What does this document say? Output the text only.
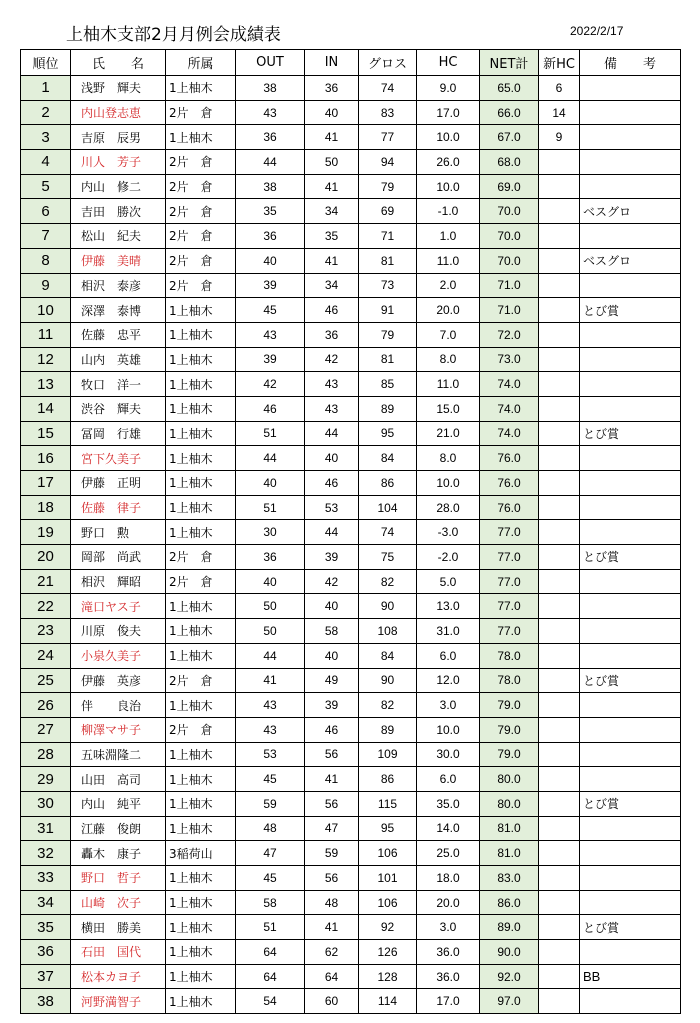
上柚木支部2月月例会成績表	2022/2/17
順位	氏　　名	所属	OUT	IN	グロス	HC	NET計	新HC	備　　考
1	浅野　輝夫	1上柚木	38	36	74	9.0	65.0	6	
2	内山登志恵	2片　倉	43	40	83	17.0	66.0	14	
3	吉原　辰男	1上柚木	36	41	77	10.0	67.0	9	
4	川人　芳子	2片　倉	44	50	94	26.0	68.0		
5	内山　修二	2片　倉	38	41	79	10.0	69.0		
6	吉田　勝次	2片　倉	35	34	69	-1.0	70.0		ベスグロ
7	松山　紀夫	2片　倉	36	35	71	1.0	70.0		
8	伊藤　美晴	2片　倉	40	41	81	11.0	70.0		ベスグロ
9	相沢　泰彦	2片　倉	39	34	73	2.0	71.0		
10	深澤　泰博	1上柚木	45	46	91	20.0	71.0		とび賞
11	佐藤　忠平	1上柚木	43	36	79	7.0	72.0		
12	山内　英雄	1上柚木	39	42	81	8.0	73.0		
13	牧口　洋一	1上柚木	42	43	85	11.0	74.0		
14	渋谷　輝夫	1上柚木	46	43	89	15.0	74.0		
15	冨岡　行雄	1上柚木	51	44	95	21.0	74.0		とび賞
16	宮下久美子	1上柚木	44	40	84	8.0	76.0		
17	伊藤　正明	1上柚木	40	46	86	10.0	76.0		
18	佐藤　律子	1上柚木	51	53	104	28.0	76.0		
19	野口　勲	1上柚木	30	44	74	-3.0	77.0		
20	岡部　尚武	2片　倉	36	39	75	-2.0	77.0		とび賞
21	相沢　輝昭	2片　倉	40	42	82	5.0	77.0		
22	滝口ヤス子	1上柚木	50	40	90	13.0	77.0		
23	川原　俊夫	1上柚木	50	58	108	31.0	77.0		
24	小泉久美子	1上柚木	44	40	84	6.0	78.0		
25	伊藤　英彦	2片　倉	41	49	90	12.0	78.0		とび賞
26	伴　　良治	1上柚木	43	39	82	3.0	79.0		
27	柳澤マサ子	2片　倉	43	46	89	10.0	79.0		
28	五味淵隆二	1上柚木	53	56	109	30.0	79.0		
29	山田　高司	1上柚木	45	41	86	6.0	80.0		
30	内山　純平	1上柚木	59	56	115	35.0	80.0		とび賞
31	江藤　俊朗	1上柚木	48	47	95	14.0	81.0		
32	轟木　康子	3稲荷山	47	59	106	25.0	81.0		
33	野口　哲子	1上柚木	45	56	101	18.0	83.0		
34	山崎　次子	1上柚木	58	48	106	20.0	86.0		
35	横田　勝美	1上柚木	51	41	92	3.0	89.0		とび賞
36	石田　国代	1上柚木	64	62	126	36.0	90.0		
37	松本カヨ子	1上柚木	64	64	128	36.0	92.0		BB
38	河野満智子	1上柚木	54	60	114	17.0	97.0		
